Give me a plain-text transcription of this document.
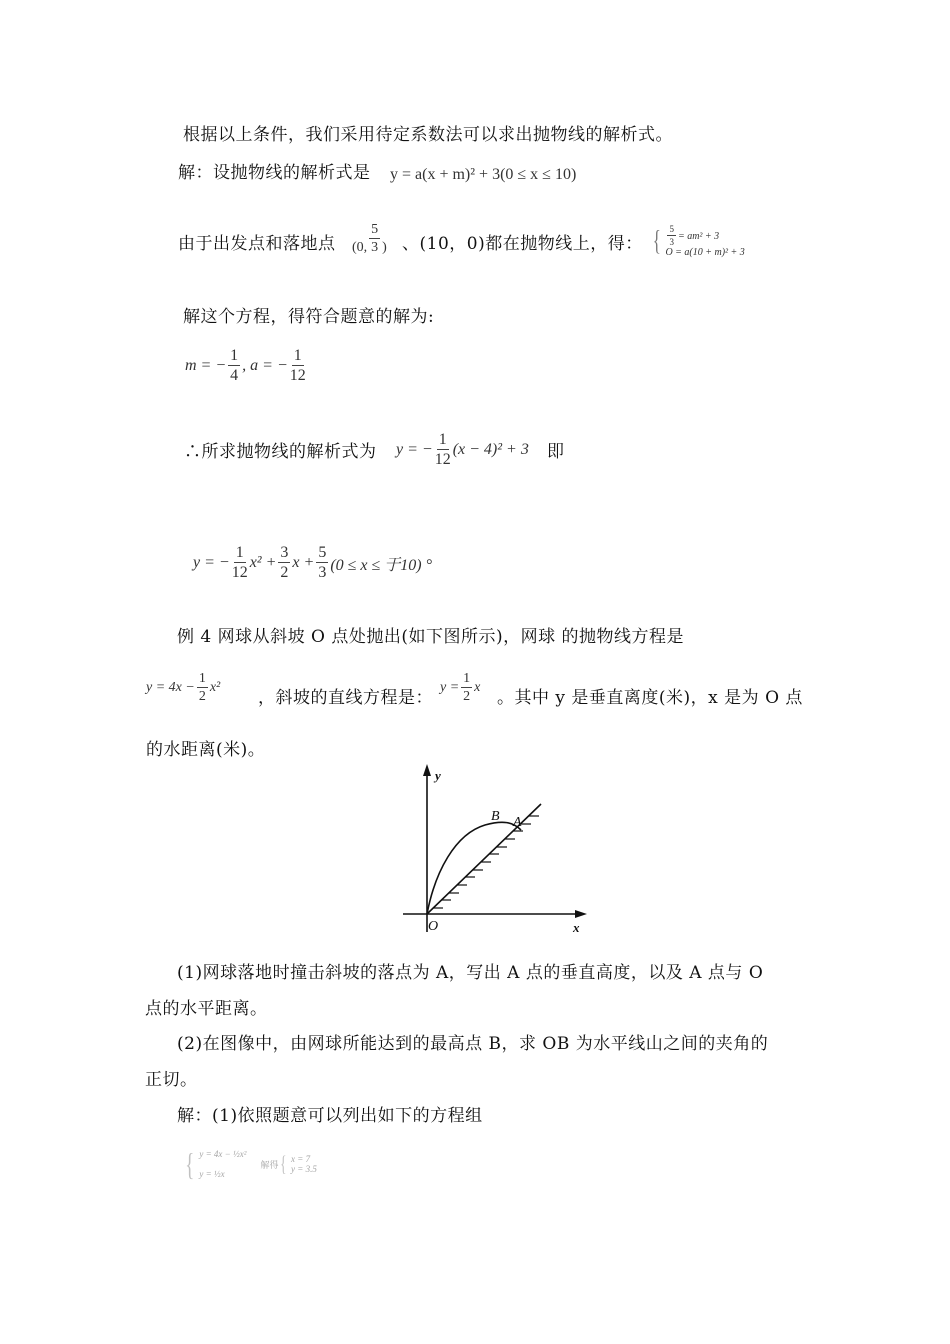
根据以上条件，我们采用待定系数法可以求出抛物线的解析式。
解：设抛物线的解析式是 y = a(x + m)² + 3(0 ≤ x ≤ 10)
由于出发点和落地点 (0, $\frac{5}{3}$ ) 、(10，0)都在抛物线上，得： { $\frac{5}{3} = am^2 + 3$
O = a(10 + m)² + 3
解这个方程，得符合题意的解为:
m = − $\frac{1}{4}$ , a = − $\frac{1}{12}$
∴所求抛物线的解析式为 y = − $\frac{1}{12} (x - 4)^2 + 3$ 即
y = − $\frac{1}{12} x^2 + \frac{3}{2}$ $x + \frac{5}{3} (0 \le x$ ≤ 于10) °
例 4 网球从斜坡 O 点处抛出(如下图所示)，网球 的抛物线方程是
$y = 4x - \frac{1}{2} x^2$
，斜坡的直线方程是：
$y = \frac{1}{2}$ x
。其中 y 是垂直离度(米)，x 是为 O 点
的水距离(米)。
y
x
O
B A
(1)网球落地时撞击斜坡的落点为 A，写出 A 点的垂直高度，以及 A 点与 O
点的水平距离。
(2)在图像中，由网球所能达到的最高点 B，求 OB 为水平线山之间的夹角的
正切。
解：(1)依照题意可以列出如下的方程组
{ y = 4x − ½x²
y = ½x
解得 { x = 7
y = 3.5
